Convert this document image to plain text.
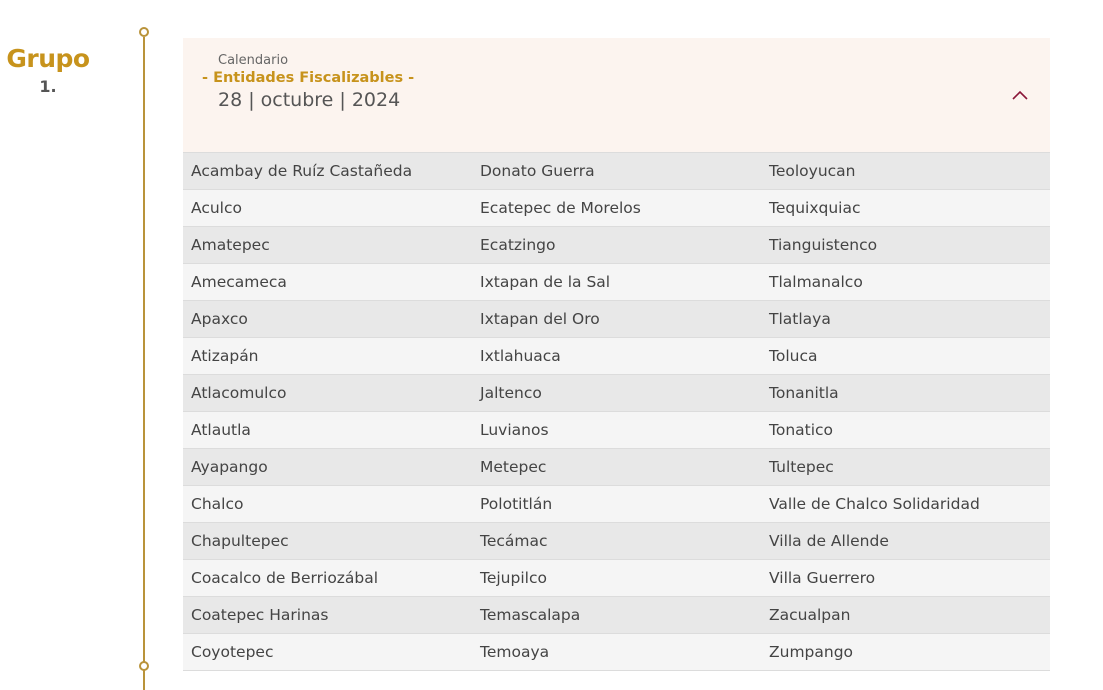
Grupo
1.
Calendario
- Entidades Fiscalizables -
28 | octubre | 2024
Acambay de Ruíz Castañeda	Donato Guerra	Teoloyucan
Aculco	Ecatepec de Morelos	Tequixquiac
Amatepec	Ecatzingo	Tianguistenco
Amecameca	Ixtapan de la Sal	Tlalmanalco
Apaxco	Ixtapan del Oro	Tlatlaya
Atizapán	Ixtlahuaca	Toluca
Atlacomulco	Jaltenco	Tonanitla
Atlautla	Luvianos	Tonatico
Ayapango	Metepec	Tultepec
Chalco	Polotitlán	Valle de Chalco Solidaridad
Chapultepec	Tecámac	Villa de Allende
Coacalco de Berriozábal	Tejupilco	Villa Guerrero
Coatepec Harinas	Temascalapa	Zacualpan
Coyotepec	Temoaya	Zumpango
